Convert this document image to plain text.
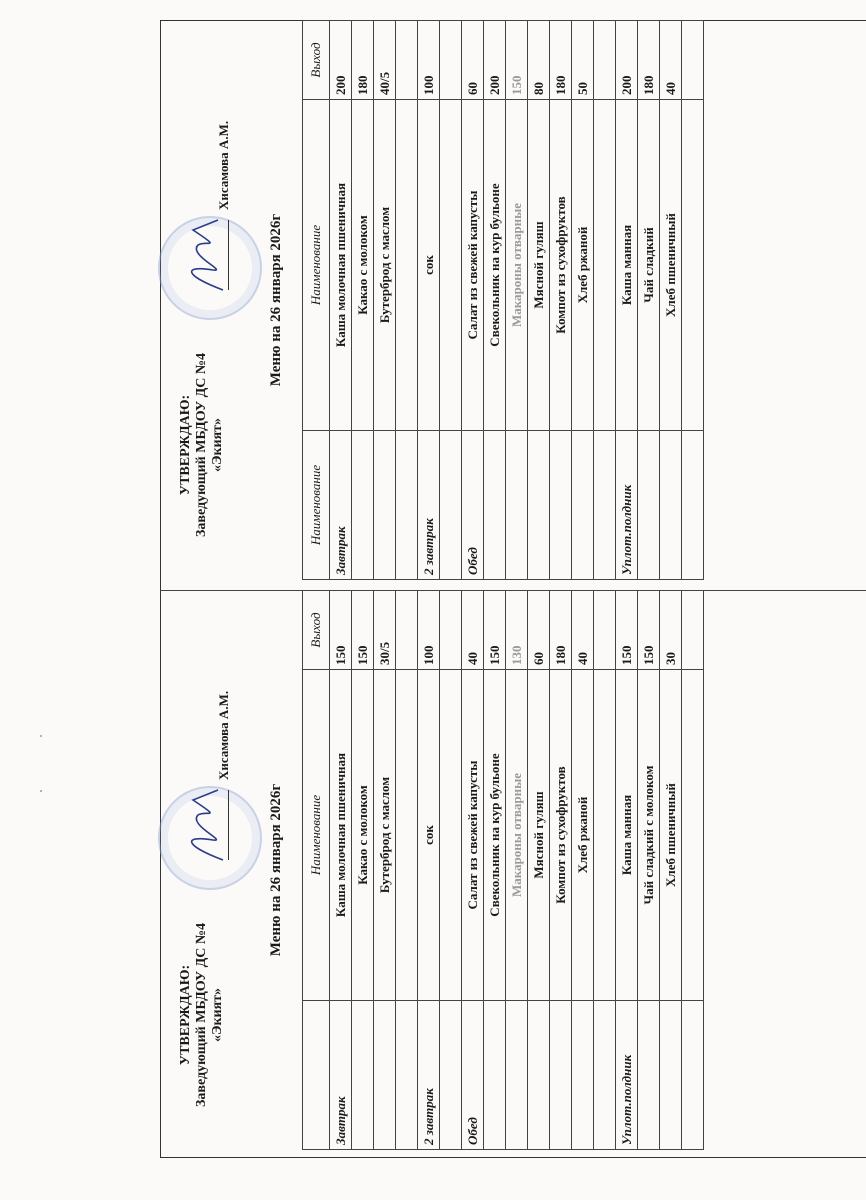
УТВЕРЖДАЮ: Заведующий МБДОУ ДС №4 «Экият»
Хисамова А.М.
Меню на 26 января 2026г
Наименование	Наименование	Выход
Завтрак	Каша молочная пшеничная	200
	Какао с молоком	180
	Бутерброд с маслом	40/5

2 завтрак	сок	100

Обед	Салат из свежей капусты	60
	Свекольник на кур бульоне	200
	Макароны отварные	150
	Мясной гуляш	80
	Компот из сухофруктов	180
	Хлеб ржаной	50

Уплот.полдник	Каша манная	200
	Чай сладкий	180
	Хлеб пшеничный	40

УТВЕРЖДАЮ: Заведующий МБДОУ ДС №4 «Экият»
Хисамова А.М.
Меню на 26 января 2026г
	Наименование	Выход
Завтрак	Каша молочная пшеничная	150
	Какао с молоком	150
	Бутерброд с маслом	30/5

2 завтрак	сок	100

Обед	Салат из свежей капусты	40
	Свекольник на кур бульоне	150
	Макароны отварные	130
	Мясной гуляш	60
	Компот из сухофруктов	180
	Хлеб ржаной	40

Уплот.полдник	Каша манная	150
	Чай сладкий с молоком	150
	Хлеб пшеничный	30
